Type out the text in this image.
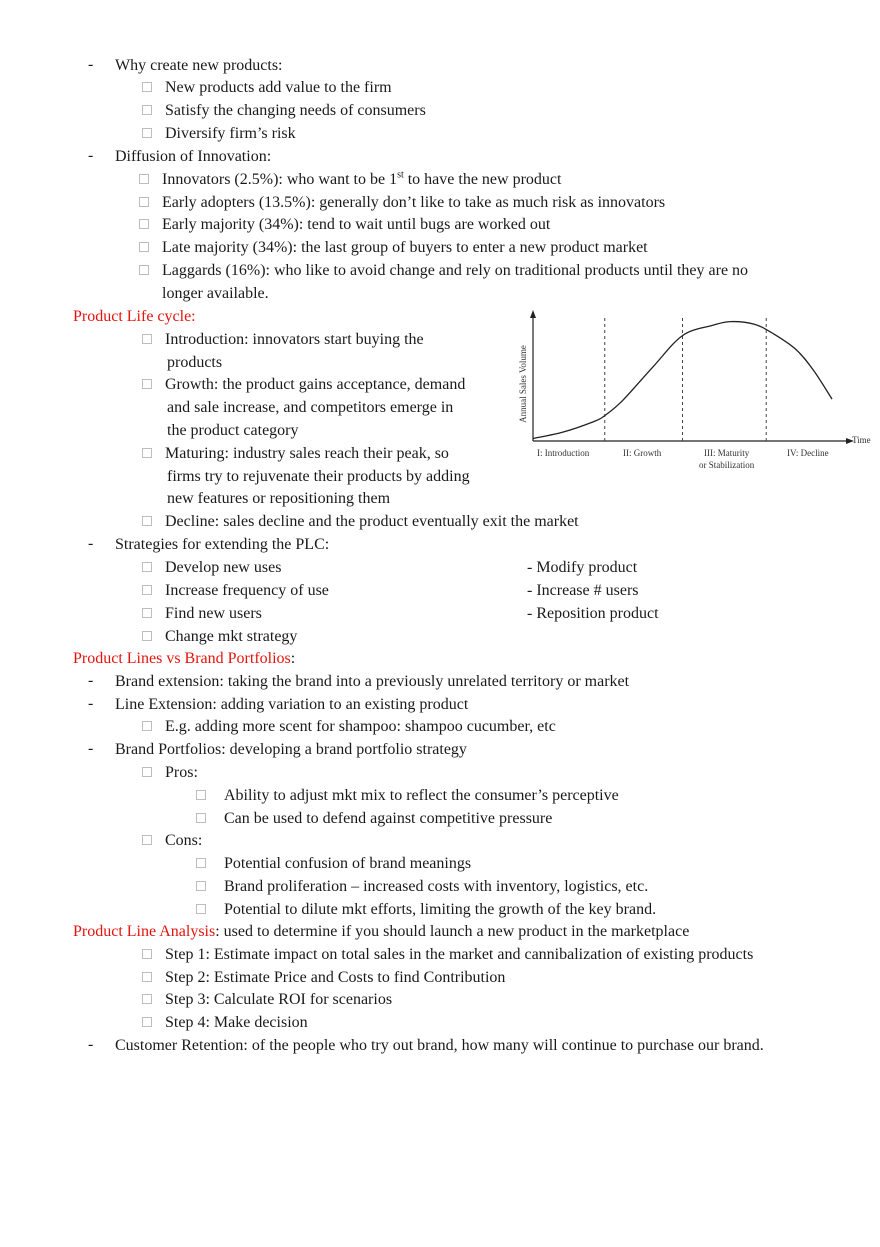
- Why create new products:
New products add value to the firm
Satisfy the changing needs of consumers
Diversify firm’s risk
- Diffusion of Innovation:
Innovators (2.5%): who want to be 1st to have the new product
Early adopters (13.5%): generally don’t like to take as much risk as innovators
Early majority (34%): tend to wait until bugs are worked out
Late majority (34%): the last group of buyers to enter a new product market
Laggards (16%): who like to avoid change and rely on traditional products until they are no
longer available.
Product Life cycle:
Introduction: innovators start buying the
products
Growth: the product gains acceptance, demand
and sale increase, and competitors emerge in
the product category
Maturing: industry sales reach their peak, so
firms try to rejuvenate their products by adding
new features or repositioning them
Decline: sales decline and the product eventually exit the market
Annual Sales Volume
Time
I: Introduction	II: Growth	III: Maturity
or Stabilization
IV: Decline
- Strategies for extending the PLC:
Develop new uses	- Modify product
Increase frequency of use	- Increase # users
Find new users	- Reposition product
Change mkt strategy
Product Lines vs Brand Portfolios:
- Brand extension: taking the brand into a previously unrelated territory or market
- Line Extension: adding variation to an existing product
E.g. adding more scent for shampoo: shampoo cucumber, etc
- Brand Portfolios: developing a brand portfolio strategy
Pros:
Ability to adjust mkt mix to reflect the consumer’s perceptive
Can be used to defend against competitive pressure
Cons:
Potential confusion of brand meanings
Brand proliferation – increased costs with inventory, logistics, etc.
Potential to dilute mkt efforts, limiting the growth of the key brand.
Product Line Analysis: used to determine if you should launch a new product in the marketplace
Step 1: Estimate impact on total sales in the market and cannibalization of existing products
Step 2: Estimate Price and Costs to find Contribution
Step 3: Calculate ROI for scenarios
Step 4: Make decision
- Customer Retention: of the people who try out brand, how many will continue to purchase our brand.
